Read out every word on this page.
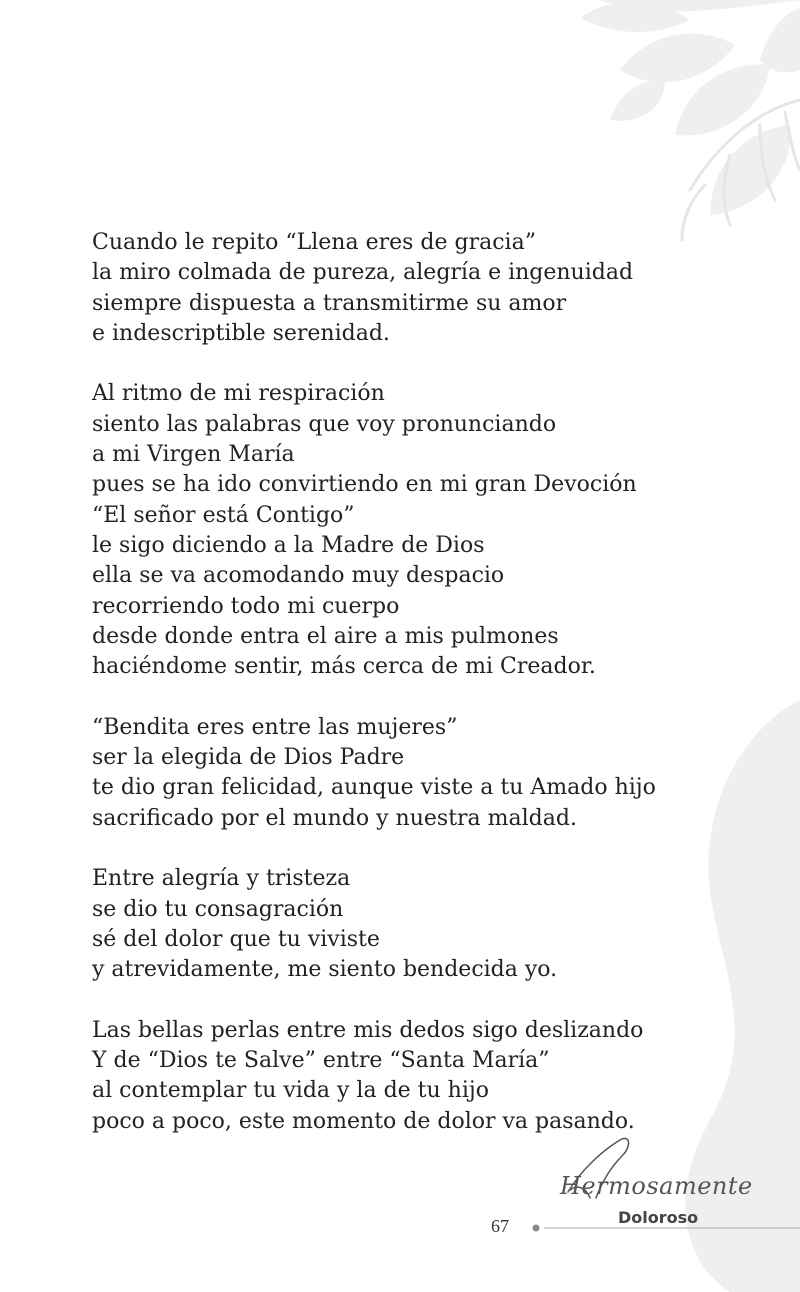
Cuando le repito “Llena eres de gracia”
la miro colmada de pureza, alegría e ingenuidad
siempre dispuesta a transmitirme su amor
e indescriptible serenidad.
Al ritmo de mi respiración
siento las palabras que voy pronunciando
a mi Virgen María
pues se ha ido convirtiendo en mi gran Devoción
“El señor está Contigo”
le sigo diciendo a la Madre de Dios
ella se va acomodando muy despacio
recorriendo todo mi cuerpo
desde donde entra el aire a mis pulmones
haciéndome sentir, más cerca de mi Creador.
“Bendita eres entre las mujeres”
ser la elegida de Dios Padre
te dio gran felicidad, aunque viste a tu Amado hijo
sacrificado por el mundo y nuestra maldad.
Entre alegría y tristeza
se dio tu consagración
sé del dolor que tu viviste
y atrevidamente, me siento bendecida yo.
Las bellas perlas entre mis dedos sigo deslizando
Y de “Dios te Salve” entre “Santa María”
al contemplar tu vida y la de tu hijo
poco a poco, este momento de dolor va pasando.
67
Hermosamente
Doloroso
